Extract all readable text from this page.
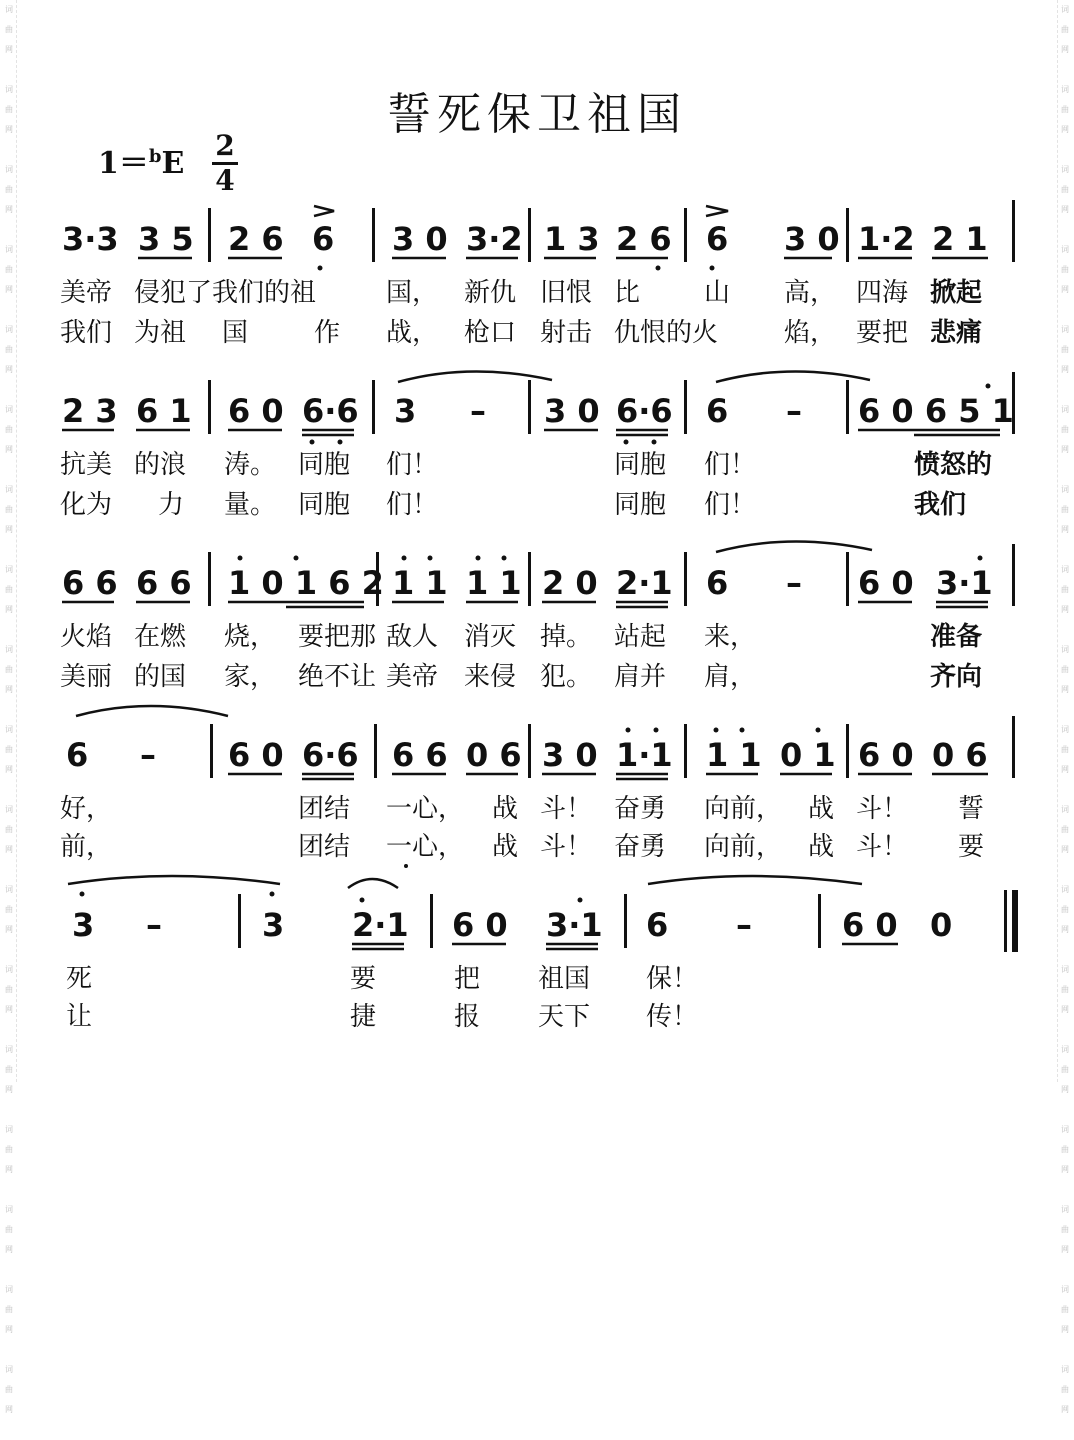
词
曲
网

词
曲
网

词
曲
网

词
曲
网

词
曲
网

词
曲
网

词
曲
网

词
曲
网

词
曲
网

词
曲
网

词
曲
网

词
曲
网

词
曲
网

词
曲
网

词
曲
网

词
曲
网

词
曲
网

词
曲
网

词
曲
网

词
曲
网

词
曲
网

词
曲
网

词
曲
网

词
曲
网

词
曲
网

词
曲
网

词
曲
网

词
曲
网

词
曲
网

词
曲
网

词
曲
网

词
曲
网

词
曲
网

词
曲
网

词
曲
网

词
曲
网

誓死保卫祖国
1＝$^b$E
2
4
3·3 3 5 2 6 6 3 0 3·2 1 3 2 6 6 3 0 1·2 2 1
美帝 侵犯了我们的祖	国， 新仇 旧恨 比 山 高， 四海 掀起
我们 为祖 国	作 战， 枪口 射击 仇恨的火	焰， 要把 悲痛
2 3 6 1 6 0 6·6 3 – 3 0 6·6 6 – 6 0 6 5 1
抗美 的浪 涛。 同胞 们！	同胞 们！	愤怒的
化为 力 量。 同胞 们！	同胞 们！	我们
6 6 6 6 1 0 1 6 2 1 1 1 1 2 0 2·1 6 – 6 0 3·1
火焰 在燃 烧， 要把那 敌人 消灭 掉。 站起 来，	准备
美丽 的国 家， 绝不让 美帝 来侵 犯。 肩并 肩，	齐向
6 – 6 0 6·6 6 6 0 6 3 0 1·1 1 1 0 1 6 0 0 6
好，	团结 一心， 战 斗！ 奋勇 向前， 战 斗！ 誓
前，	团结 一心， 战 斗！ 奋勇 向前， 战 斗！ 要
3 –	3 2·1 6 0 3·1 6 –	6 0 0
死	要	把 祖国 保！
让	捷	报 天下 传！
